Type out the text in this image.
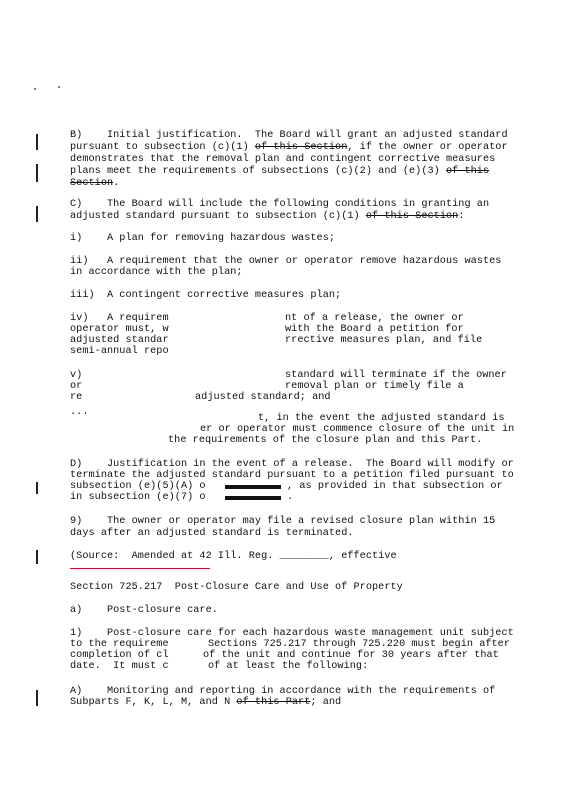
B)    Initial justification.  The Board will grant an adjusted standard
pursuant to subsection (c)(1) of this Section, if the owner or operator
demonstrates that the removal plan and contingent corrective measures
plans meet the requirements of subsections (c)(2) and (e)(3) of this
Section.
C)    The Board will include the following conditions in granting an
adjusted standard pursuant to subsection (c)(1) of this Section:
i)    A plan for removing hazardous wastes;
ii)   A requirement that the owner or operator remove hazardous wastes
in accordance with the plan;
iii)  A contingent corrective measures plan;
iv)   A requirem	nt of a release, the owner or
operator must, w	with the Board a petition for
adjusted standar	rrective measures plan, and file
semi-annual repo
v)	standard will terminate if the owner
or	removal plan or timely file a
re	adjusted standard; and
...
t, in the event the adjusted standard is
er or operator must commence closure of the unit in
the requirements of the closure plan and this Part.
D)    Justification in the event of a release.  The Board will modify or
terminate the adjusted standard pursuant to a petition filed pursuant to
subsection (e)(5)(A) o	, as provided in that subsection or
in subsection (e)(7) o	.
9)    The owner or operator may file a revised closure plan within 15
days after an adjusted standard is terminated.
(Source:  Amended at 42 Ill. Reg. ________, effective
Section 725.217  Post-Closure Care and Use of Property
a)    Post-closure care.
1)    Post-closure care for each hazardous waste management unit subject
to the requireme	Sections 725.217 through 725.220 must begin after
completion of cl	of the unit and continue for 30 years after that
date.  It must c	of at least the following:
A)    Monitoring and reporting in accordance with the requirements of
Subparts F, K, L, M, and N of this Part; and
